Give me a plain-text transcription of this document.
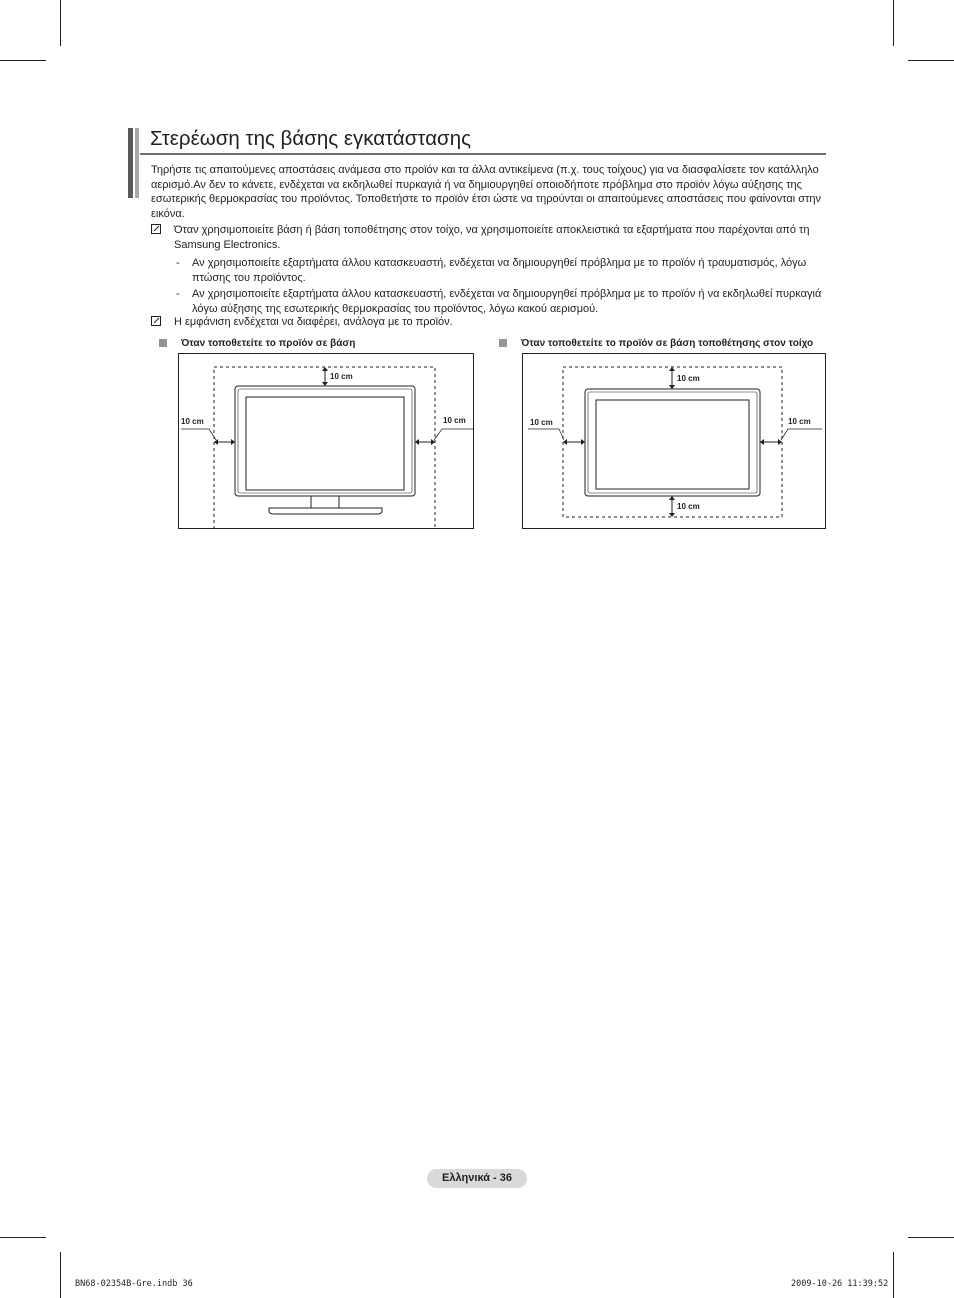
Στερέωση της βάσης εγκατάστασης
Τηρήστε τις απαιτούμενες αποστάσεις ανάμεσα στο προϊόν και τα άλλα αντικείμενα (π.χ. τους τοίχους) για να διασφαλίσετε τον κατάλληλο αερισμό.Αν δεν το κάνετε, ενδέχεται να εκδηλωθεί πυρκαγιά ή να δημιουργηθεί οποιοδήποτε πρόβλημα στο προϊόν λόγω αύξησης της εσωτερικής θερμοκρασίας του προϊόντος. Τοποθετήστε το προϊόν έτσι ώστε να τηρούνται οι απαιτούμενες αποστάσεις που φαίνονται στην εικόνα.
Όταν χρησιμοποιείτε βάση ή βάση τοποθέτησης στον τοίχο, να χρησιμοποιείτε αποκλειστικά τα εξαρτήματα που παρέχονται από τη Samsung Electronics.
- Αν χρησιμοποιείτε εξαρτήματα άλλου κατασκευαστή, ενδέχεται να δημιουργηθεί πρόβλημα με το προϊόν ή τραυματισμός, λόγω πτώσης του προϊόντος.
- Αν χρησιμοποιείτε εξαρτήματα άλλου κατασκευαστή, ενδέχεται να δημιουργηθεί πρόβλημα με το προϊόν ή να εκδηλωθεί πυρκαγιά λόγω αύξησης της εσωτερικής θερμοκρασίας του προϊόντος, λόγω κακού αερισμού.
Η εμφάνιση ενδέχεται να διαφέρει, ανάλογα με το προϊόν.
Όταν τοποθετείτε το προϊόν σε βάση
10 cm
10 cm	10 cm
Όταν τοποθετείτε το προϊόν σε βάση τοποθέτησης στον τοίχο
10 cm
10 cm	10 cm
10 cm
Ελληνικά - 36
BN68-02354B-Gre.indb 36	2009-10-26 11:39:52
